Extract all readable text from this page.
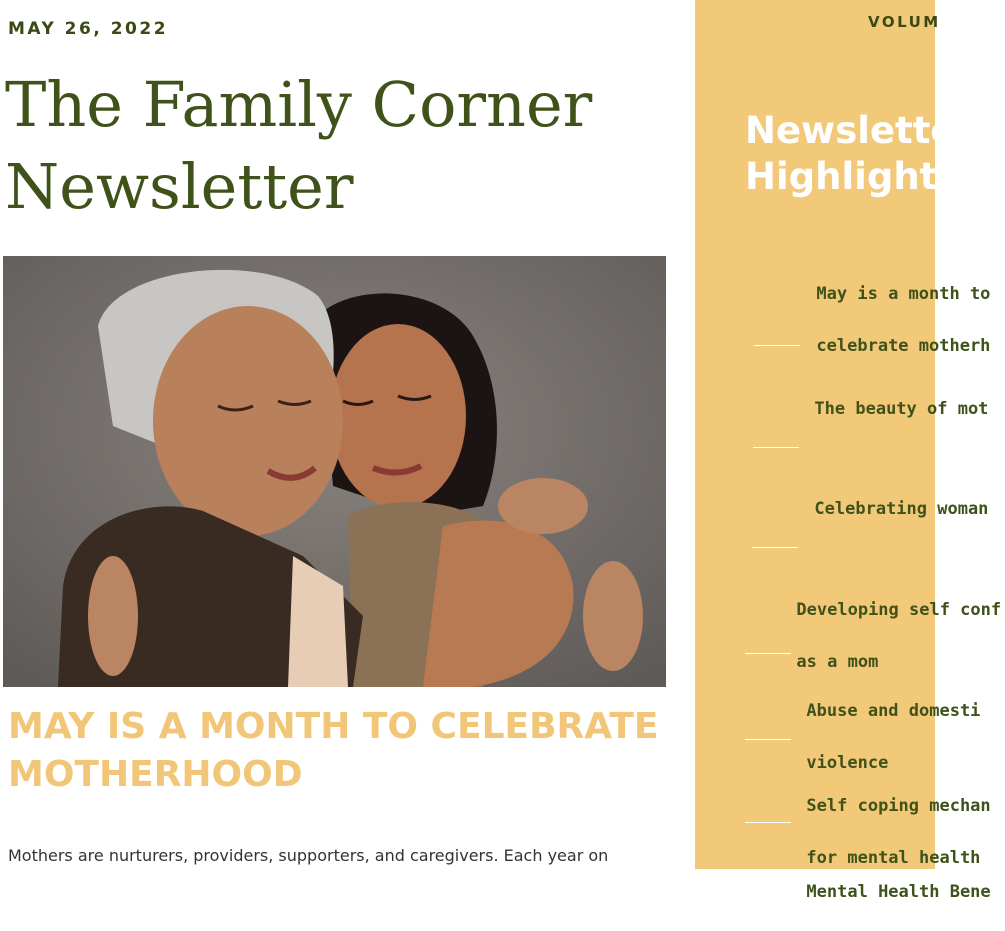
MAY 26, 2022
The Family Corner
Newsletter
MAY IS A MONTH TO CELEBRATE
MOTHERHOOD
Mothers are nurturers, providers, supporters, and caregivers. Each year on
VOLUM
Newslette
Highlights

May is a month to

celebrate motherh

The beauty of mot

Celebrating woman

Developing self conf

as a mom

Abuse and domesti

violence

Self coping mechan

for mental health

Mental Health Bene
